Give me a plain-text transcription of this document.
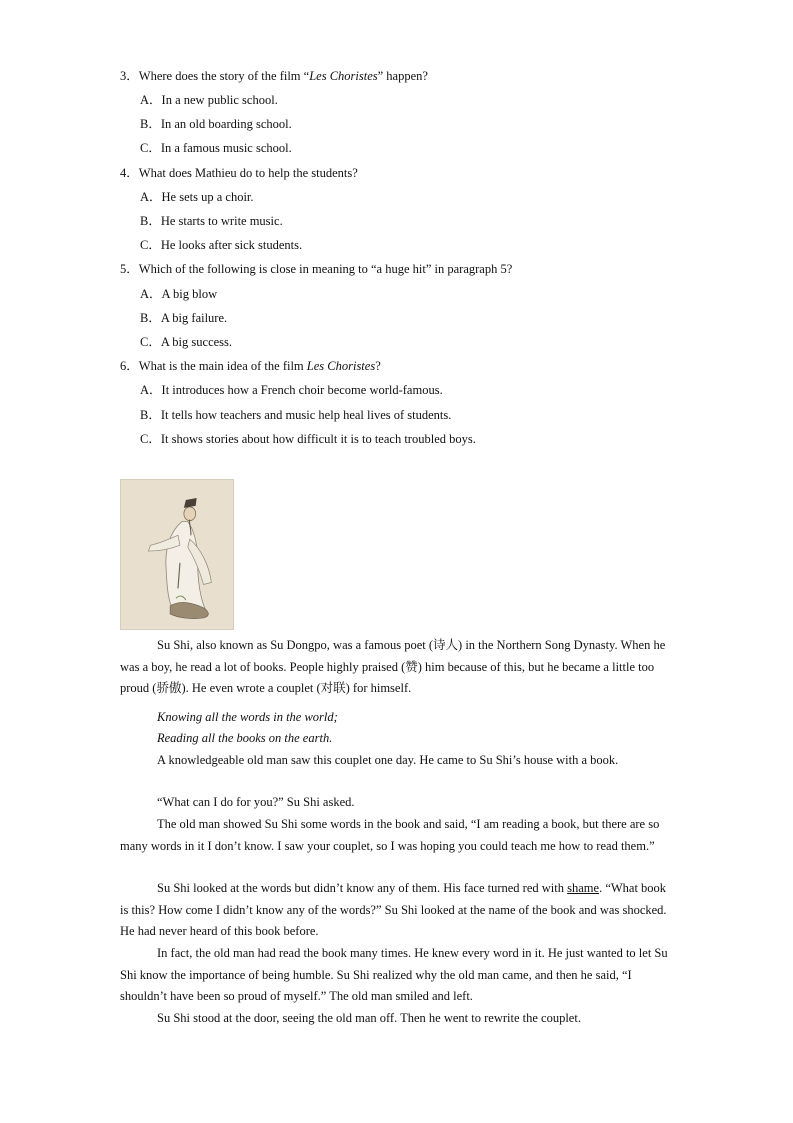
3．Where does the story of the film “Les Choristes” happen?
A．In a new public school.
B．In an old boarding school.
C．In a famous music school.
4．What does Mathieu do to help the students?
A．He sets up a choir.
B．He starts to write music.
C．He looks after sick students.
5．Which of the following is close in meaning to “a huge hit” in paragraph 5?
A．A big blow
B．A big failure.
C．A big success.
6．What is the main idea of the film Les Choristes?
A．It introduces how a French choir become world-famous.
B．It tells how teachers and music help heal lives of students.
C．It shows stories about how difficult it is to teach troubled boys.
Su Shi, also known as Su Dongpo, was a famous poet (诗人) in the Northern Song Dynasty. When he was a boy, he read a lot of books. People highly praised (赞) him because of this, but he became a little too proud (骄傲). He even wrote a couplet (对联) for himself.
Knowing all the words in the world;
Reading all the books on the earth.
A knowledgeable old man saw this couplet one day. He came to Su Shi’s house with a book.
“What can I do for you?” Su Shi asked.
The old man showed Su Shi some words in the book and said, “I am reading a book, but there are so many words in it I don’t know. I saw your couplet, so I was hoping you could teach me how to read them.”
Su Shi looked at the words but didn’t know any of them. His face turned red with shame. “What book is this? How come I didn’t know any of the words?” Su Shi looked at the name of the book and was shocked. He had never heard of this book before.
In fact, the old man had read the book many times. He knew every word in it. He just wanted to let Su Shi know the importance of being humble. Su Shi realized why the old man came, and then he said, “I shouldn’t have been so proud of myself.” The old man smiled and left.
Su Shi stood at the door, seeing the old man off. Then he went to rewrite the couplet.
